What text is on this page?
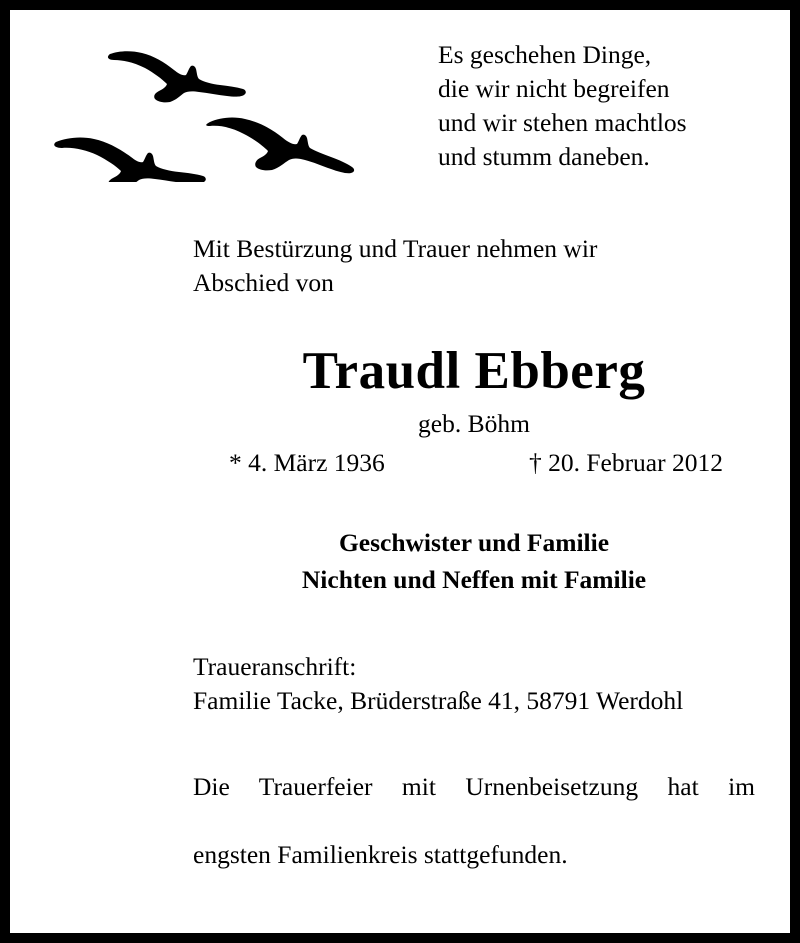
Es geschehen Dinge,
die wir nicht begreifen
und wir stehen machtlos
und stumm daneben.
Mit Bestürzung und Trauer nehmen wir
Abschied von
Traudl Ebberg
geb. Böhm
* 4. März 1936	† 20. Februar 2012
Geschwister und Familie
Nichten und Neffen mit Familie
Traueranschrift:
Familie Tacke, Brüderstraße 41, 58791 Werdohl
Die Trauerfeier mit Urnenbeisetzung hat im
engsten Familienkreis stattgefunden.
